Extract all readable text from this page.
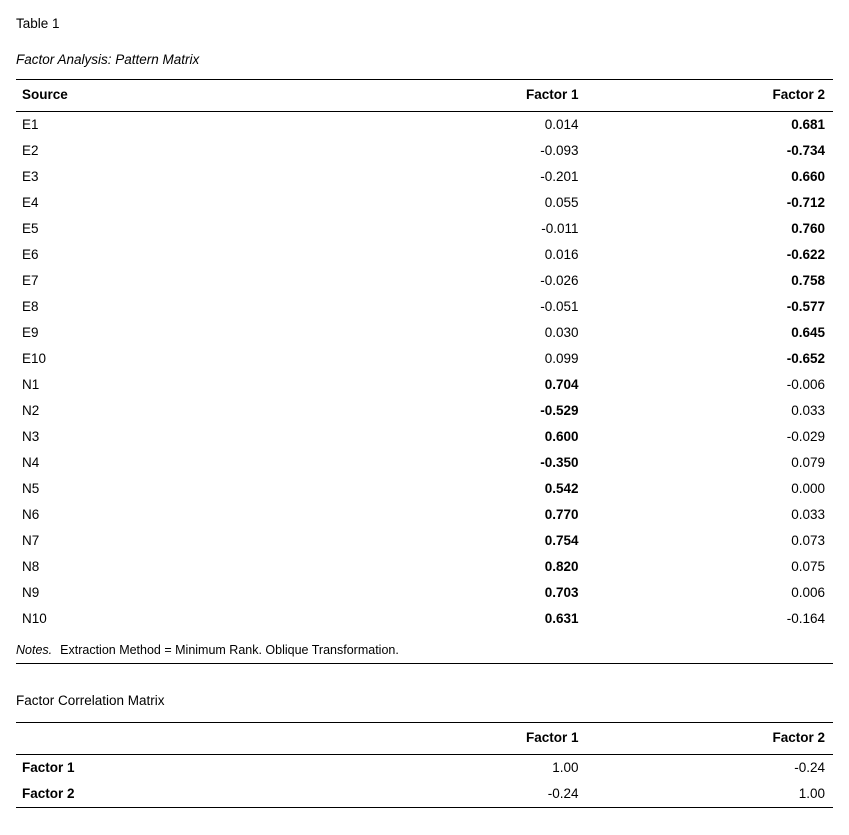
Table 1
Factor Analysis: Pattern Matrix
Source	Factor 1	Factor 2
E1	0.014	0.681
E2	-0.093	-0.734
E3	-0.201	0.660
E4	0.055	-0.712
E5	-0.011	0.760
E6	0.016	-0.622
E7	-0.026	0.758
E8	-0.051	-0.577
E9	0.030	0.645
E10	0.099	-0.652
N1	0.704	-0.006
N2	-0.529	0.033
N3	0.600	-0.029
N4	-0.350	0.079
N5	0.542	0.000
N6	0.770	0.033
N7	0.754	0.073
N8	0.820	0.075
N9	0.703	0.006
N10	0.631	-0.164
Notes. Extraction Method = Minimum Rank. Oblique Transformation.		
Factor Correlation Matrix
	Factor 1	Factor 2
Factor 1	1.00	-0.24
Factor 2	-0.24	1.00
